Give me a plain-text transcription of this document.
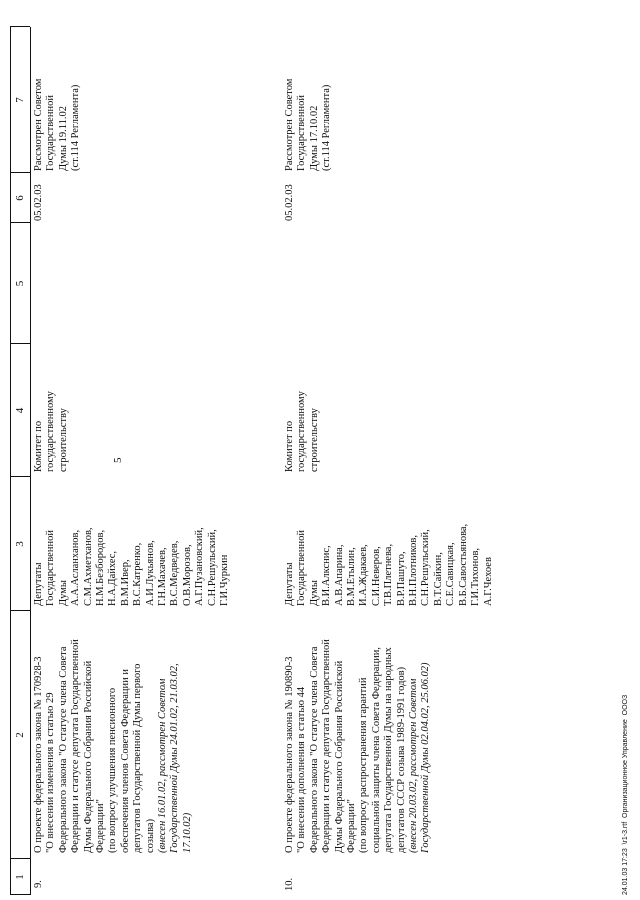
5
1
2
3
4
5
6
7
9.
О проекте федерального закона № 170928-3
"О внесении изменения в статью 29
Федерального закона "О статусе члена Совета
Федерации и статусе депутата Государственной
Думы Федерального Собрания Российской
Федерации"
(по вопросу улучшения пенсионного
обеспечения членов Совета Федерации и
депутатов Государственной Думы первого
созыва) (внесен 16.01.02, рассмотрен Советом
Государственной Думы 24.01.02, 21.03.02,
17.10.02)
Депутаты
Государственной
Думы
А.А.Асланханов,
С.М.Ахметханов,
Н.М.Безбородов,
Н.А.Дайхес,
В.М.Ивер,
В.С.Катренко,
А.И.Лукьянов,
Г.Н.Махачев,
В.С.Медведев,
О.В.Морозов,
А.Г.Пузановский,
С.Н.Решульский,
Г.И.Чуркин
Комитет по
государственному
строительству
05.02.03
Рассмотрен Советом
Государственной
Думы 19.11.02
(ст.114 Регламента)
10.
О проекте федерального закона № 190890-3
"О внесении дополнения в статью 44
Федерального закона "О статусе члена Совета
Федерации и статусе депутата Государственной
Думы Федерального Собрания Российской
Федерации"
(по вопросу распространения гарантий
социальной защиты члена Совета Федерации,
депутата Государственной Думы на народных
депутатов СССР созыва 1989-1991 годов)
(внесен 20.03.02, рассмотрен Советом
Государственной Думы 02.04.02, 25.06.02)
Депутаты
Государственной
Думы
В.И.Алкснис,
А.В.Апарина,
В.М.Етылин,
И.А.Ждакаев,
С.И.Неверов,
Т.В.Плетнева,
В.Р.Пашуто,
В.Н.Плотников,
С.Н.Решульский,
В.Т.Сайкин,
С.Е.Савицкая,
В.Б.Савостьянова,
Г.И.Тихонов,
А.Г.Чехоев
Комитет по
государственному
строительству
05.02.03
Рассмотрен Советом
Государственной
Думы 17.10.02
(ст.114 Регламента)
24.01.03 17:23  \r1-3.rtf  Организационное Управление  ОООЗ
